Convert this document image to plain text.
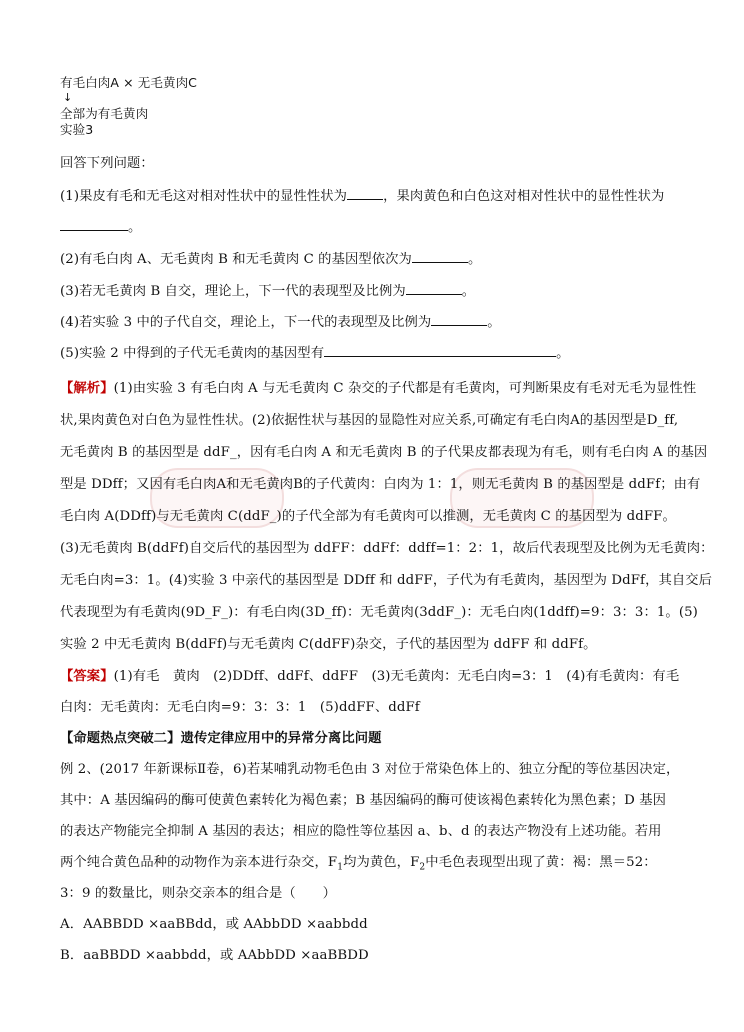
有毛白肉A × 无毛黄肉C
↓
全部为有毛黄肉
实验3
回答下列问题：
(1)果皮有毛和无毛这对相对性状中的显性性状为	，果肉黄色和白色这对相对性状中的显性性状为
。
(2)有毛白肉 A、无毛黄肉 B 和无毛黄肉 C 的基因型依次为	。
(3)若无毛黄肉 B 自交，理论上，下一代的表现型及比例为	。
(4)若实验 3 中的子代自交，理论上，下一代的表现型及比例为	。
(5)实验 2 中得到的子代无毛黄肉的基因型有	。
【解析】(1)由实验 3 有毛白肉 A 与无毛黄肉 C 杂交的子代都是有毛黄肉，可判断果皮有毛对无毛为显性性
状,果肉黄色对白色为显性性状。(2)依据性状与基因的显隐性对应关系,可确定有毛白肉A的基因型是D_ff,
无毛黄肉 B 的基因型是 ddF_，因有毛白肉 A 和无毛黄肉 B 的子代果皮都表现为有毛，则有毛白肉 A 的基因
型是 DDff；又因有毛白肉A和无毛黄肉B的子代黄肉：白肉为 1：1，则无毛黄肉 B 的基因型是 ddFf；由有
毛白肉 A(DDff)与无毛黄肉 C(ddF_)的子代全部为有毛黄肉可以推测，无毛黄肉 C 的基因型为 ddFF。
(3)无毛黄肉 B(ddFf)自交后代的基因型为 ddFF：ddFf：ddff=1：2：1，故后代表现型及比例为无毛黄肉：
无毛白肉=3：1。(4)实验 3 中亲代的基因型是 DDff 和 ddFF，子代为有毛黄肉，基因型为 DdFf，其自交后
代表现型为有毛黄肉(9D_F_)：有毛白肉(3D_ff)：无毛黄肉(3ddF_)：无毛白肉(1ddff)=9：3：3：1。(5)
实验 2 中无毛黄肉 B(ddFf)与无毛黄肉 C(ddFF)杂交，子代的基因型为 ddFF 和 ddFf。
【答案】(1)有毛　黄肉　(2)DDff、ddFf、ddFF　(3)无毛黄肉：无毛白肉=3：1　(4)有毛黄肉：有毛
白肉：无毛黄肉：无毛白肉=9：3：3：1　(5)ddFF、ddFf
【命题热点突破二】遗传定律应用中的异常分离比问题
例 2、(2017 年新课标Ⅱ卷，6)若某哺乳动物毛色由 3 对位于常染色体上的、独立分配的等位基因决定，
其中：A 基因编码的酶可使黄色素转化为褐色素；B 基因编码的酶可使该褐色素转化为黑色素；D 基因
的表达产物能完全抑制 A 基因的表达；相应的隐性等位基因 a、b、d 的表达产物没有上述功能。若用
两个纯合黄色品种的动物作为亲本进行杂交，$F_1$均为黄色，$F_2$中毛色表现型出现了黄：褐：黑＝52：
3：9 的数量比，则杂交亲本的组合是（　　）
A．AABBDD ×aaBBdd，或 AAbbDD ×aabbdd
B．aaBBDD ×aabbdd，或 AAbbDD ×aaBBDD
